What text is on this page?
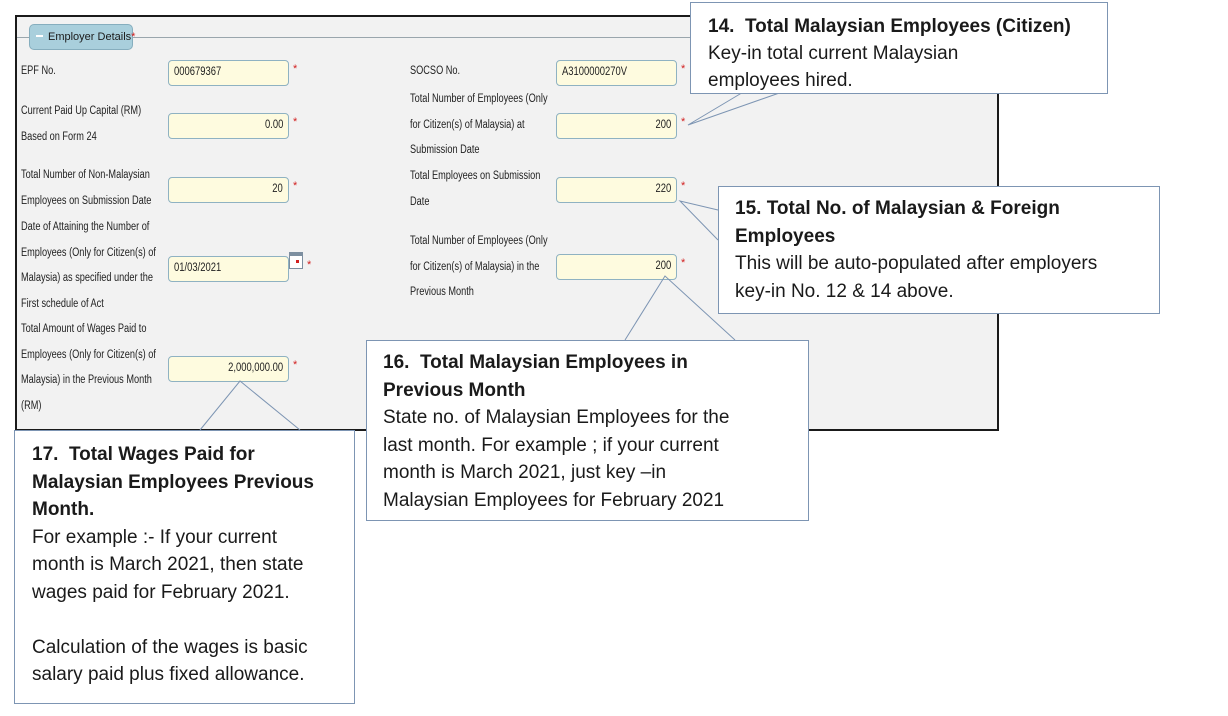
Employer Details*
EPF No.	000679367	*
Current Paid Up Capital (RM)
Based on Form 24
0.00 *
Total Number of Non-Malaysian
Employees on Submission Date
20 *
Date of Attaining the Number of
Employees (Only for Citizen(s) of
Malaysia) as specified under the
First schedule of Act
01/03/2021	*
Total Amount of Wages Paid to
Employees (Only for Citizen(s) of
Malaysia) in the Previous Month
(RM)
2,000,000.00 *
SOCSO No.	A3100000270V	*
Total Number of Employees (Only
for Citizen(s) of Malaysia) at
Submission Date
200 *
Total Employees on Submission
Date
220 *
Total Number of Employees (Only
for Citizen(s) of Malaysia) in the
Previous Month
200 *
14.  Total Malaysian Employees (Citizen)
Key-in total current Malaysian
employees hired.
15. Total No. of Malaysian & Foreign
Employees
This will be auto-populated after employers
key-in No. 12 & 14 above.
16.  Total Malaysian Employees in
Previous Month
State no. of Malaysian Employees for the
last month. For example ; if your current
month is March 2021, just key –in
Malaysian Employees for February 2021
17.  Total Wages Paid for
Malaysian Employees Previous
Month.
For example :- If your current
month is March 2021, then state
wages paid for February 2021.
Calculation of the wages is basic
salary paid plus fixed allowance.
